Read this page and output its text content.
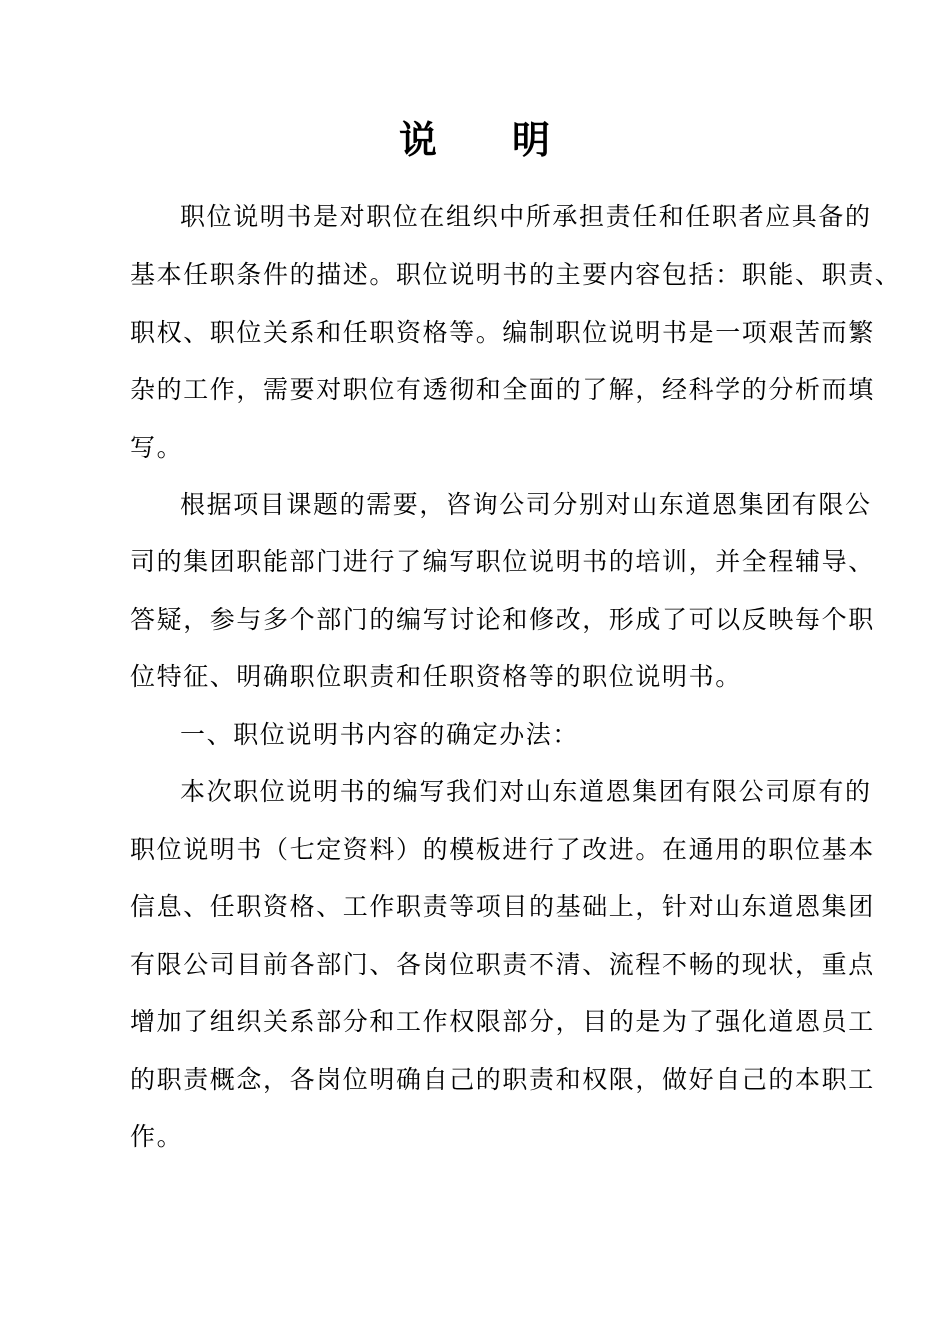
说 明
职位说明书是对职位在组织中所承担责任和任职者应具备的
基本任职条件的描述。职位说明书的主要内容包括：职能、职责、
职权、职位关系和任职资格等。编制职位说明书是一项艰苦而繁
杂的工作，需要对职位有透彻和全面的了解，经科学的分析而填
写。
根据项目课题的需要，咨询公司分别对山东道恩集团有限公
司的集团职能部门进行了编写职位说明书的培训，并全程辅导、
答疑，参与多个部门的编写讨论和修改，形成了可以反映每个职
位特征、明确职位职责和任职资格等的职位说明书。
一、职位说明书内容的确定办法：
本次职位说明书的编写我们对山东道恩集团有限公司原有的
职位说明书（七定资料）的模板进行了改进。在通用的职位基本
信息、任职资格、工作职责等项目的基础上，针对山东道恩集团
有限公司目前各部门、各岗位职责不清、流程不畅的现状，重点
增加了组织关系部分和工作权限部分，目的是为了强化道恩员工
的职责概念，各岗位明确自己的职责和权限，做好自己的本职工
作。
